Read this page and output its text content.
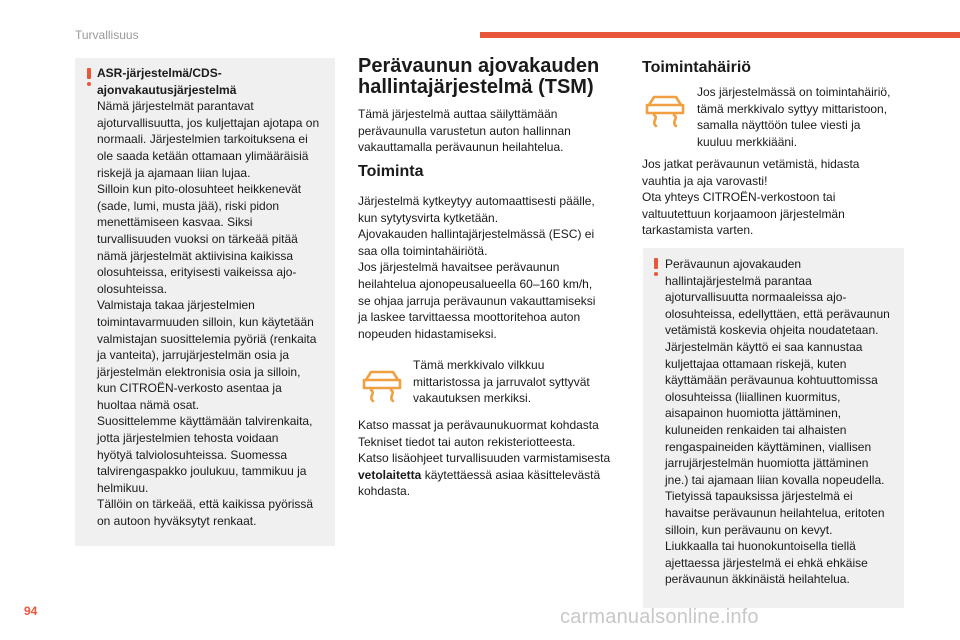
Turvallisuus
ASR-järjestelmä/CDS-
ajonvakautusjärjestelmä
Nämä järjestelmät parantavat
ajoturvallisuutta, jos kuljettajan ajotapa on
normaali. Järjestelmien tarkoituksena ei
ole saada ketään ottamaan ylimääräisiä
riskejä ja ajamaan liian lujaa.
Silloin kun pito-olosuhteet heikkenevät
(sade, lumi, musta jää), riski pidon
menettämiseen kasvaa. Siksi
turvallisuuden vuoksi on tärkeää pitää
nämä järjestelmät aktiivisina kaikissa
olosuhteissa, erityisesti vaikeissa ajo-
olosuhteissa.
Valmistaja takaa järjestelmien
toimintavarmuuden silloin, kun käytetään
valmistajan suosittelemia pyöriä (renkaita
ja vanteita), jarrujärjestelmän osia ja
järjestelmän elektronisia osia ja silloin,
kun CITROËN-verkosto asentaa ja
huoltaa nämä osat.
Suosittelemme käyttämään talvirenkaita,
jotta järjestelmien tehosta voidaan
hyötyä talviolosuhteissa. Suomessa
talvirengaspakko joulukuu, tammikuu ja
helmikuu.
Tällöin on tärkeää, että kaikissa pyörissä
on autoon hyväksytyt renkaat.
Perävaunun ajovakauden
hallintajärjestelmä (TSM)
Tämä järjestelmä auttaa säilyttämään
perävaunulla varustetun auton hallinnan
vakauttamalla perävaunun heilahtelua.
Toiminta
Järjestelmä kytkeytyy automaattisesti päälle,
kun sytytysvirta kytketään.
Ajovakauden hallintajärjestelmässä (ESC) ei
saa olla toimintahäiriötä.
Jos järjestelmä havaitsee perävaunun
heilahtelua ajonopeusalueella 60–160 km/h,
se ohjaa jarruja perävaunun vakauttamiseksi
ja laskee tarvittaessa moottoritehoa auton
nopeuden hidastamiseksi.
Tämä merkkivalo vilkkuu
mittaristossa ja jarruvalot syttyvät
vakautuksen merkiksi.
Katso massat ja perävaunukuormat kohdasta
Tekniset tiedot tai auton rekisteriotteesta.
Katso lisäohjeet turvallisuuden varmistamisesta
vetolaitetta käytettäessä asiaa käsittelevästä
kohdasta.
Toimintahäiriö
Jos järjestelmässä on toimintahäiriö,
tämä merkkivalo syttyy mittaristoon,
samalla näyttöön tulee viesti ja
kuuluu merkkiääni.
Jos jatkat perävaunun vetämistä, hidasta
vauhtia ja aja varovasti!
Ota yhteys CITROËN-verkostoon tai
valtuutettuun korjaamoon järjestelmän
tarkastamista varten.
Perävaunun ajovakauden
hallintajärjestelmä parantaa
ajoturvallisuutta normaaleissa ajo-
olosuhteissa, edellyttäen, että perävaunun
vetämistä koskevia ohjeita noudatetaan.
Järjestelmän käyttö ei saa kannustaa
kuljettajaa ottamaan riskejä, kuten
käyttämään perävaunua kohtuuttomissa
olosuhteissa (liiallinen kuormitus,
aisapainon huomiotta jättäminen,
kuluneiden renkaiden tai alhaisten
rengaspaineiden käyttäminen, viallisen
jarrujärjestelmän huomiotta jättäminen
jne.) tai ajamaan liian kovalla nopeudella.
Tietyissä tapauksissa järjestelmä ei
havaitse perävaunun heilahtelua, eritoten
silloin, kun perävaunu on kevyt.
Liukkaalla tai huonokuntoisella tiellä
ajettaessa järjestelmä ei ehkä ehkäise
perävaunun äkkinäistä heilahtelua.
94	carmanualsonline.info
